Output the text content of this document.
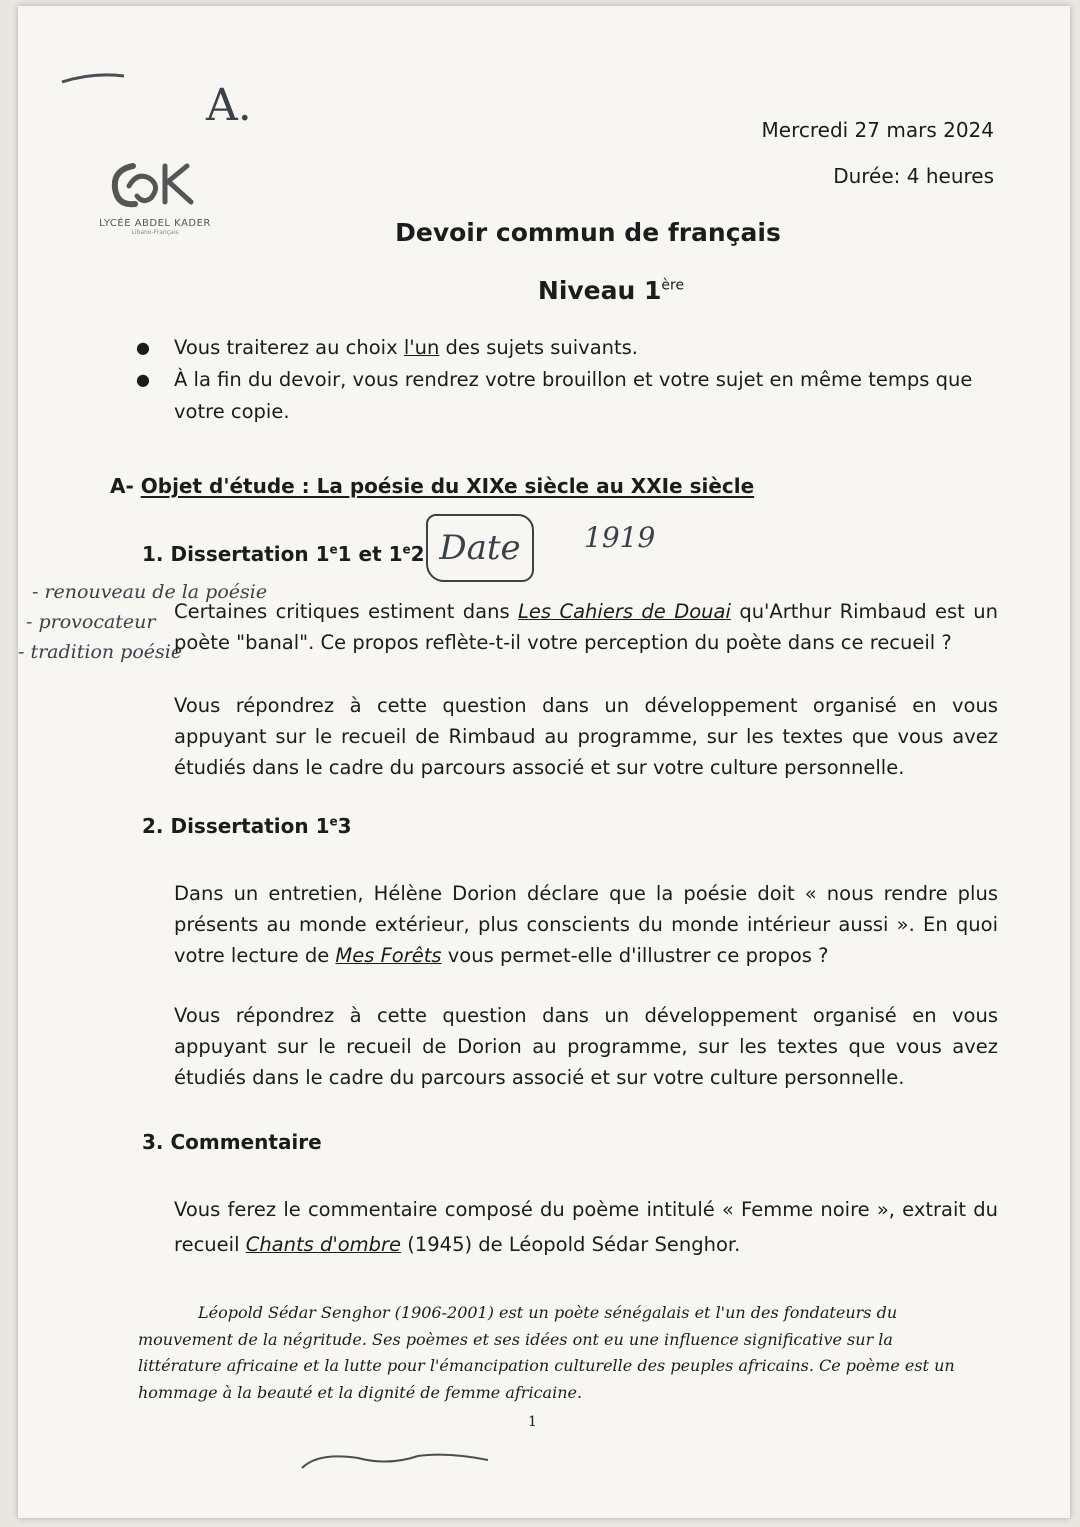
A.	Mercredi 27 mars 2024
Durée: 4 heures
LYCÉE ABDEL KADER
Libano-Français	Devoir commun de français
Niveau 1ère
●	Vous traiterez au choix l'un des sujets suivants.
●	À la fin du devoir, vous rendrez votre brouillon et votre sujet en même temps que votre copie.
A- Objet d'étude : La poésie du XIXe siècle au XXIe siècle
1. Dissertation 1e1 et 1e2 Date	1919
- renouveau de la poésie
- provocateur
- tradition poésie
Certaines critiques estiment dans Les Cahiers de Douai qu'Arthur Rimbaud est un poète "banal". Ce propos reflète-t-il votre perception du poète dans ce recueil ?
Vous répondrez à cette question dans un développement organisé en vous appuyant sur le recueil de Rimbaud au programme, sur les textes que vous avez étudiés dans le cadre du parcours associé et sur votre culture personnelle.
2. Dissertation 1e3
Dans un entretien, Hélène Dorion déclare que la poésie doit « nous rendre plus présents au monde extérieur, plus conscients du monde intérieur aussi ». En quoi votre lecture de Mes Forêts vous permet-elle d'illustrer ce propos ?
Vous répondrez à cette question dans un développement organisé en vous appuyant sur le recueil de Dorion au programme, sur les textes que vous avez étudiés dans le cadre du parcours associé et sur votre culture personnelle.
3. Commentaire
Vous ferez le commentaire composé du poème intitulé « Femme noire », extrait du recueil Chants d'ombre (1945) de Léopold Sédar Senghor.
Léopold Sédar Senghor (1906-2001) est un poète sénégalais et l'un des fondateurs du mouvement de la négritude. Ses poèmes et ses idées ont eu une influence significative sur la littérature africaine et la lutte pour l'émancipation culturelle des peuples africains. Ce poème est un hommage à la beauté et la dignité de femme africaine.
1
